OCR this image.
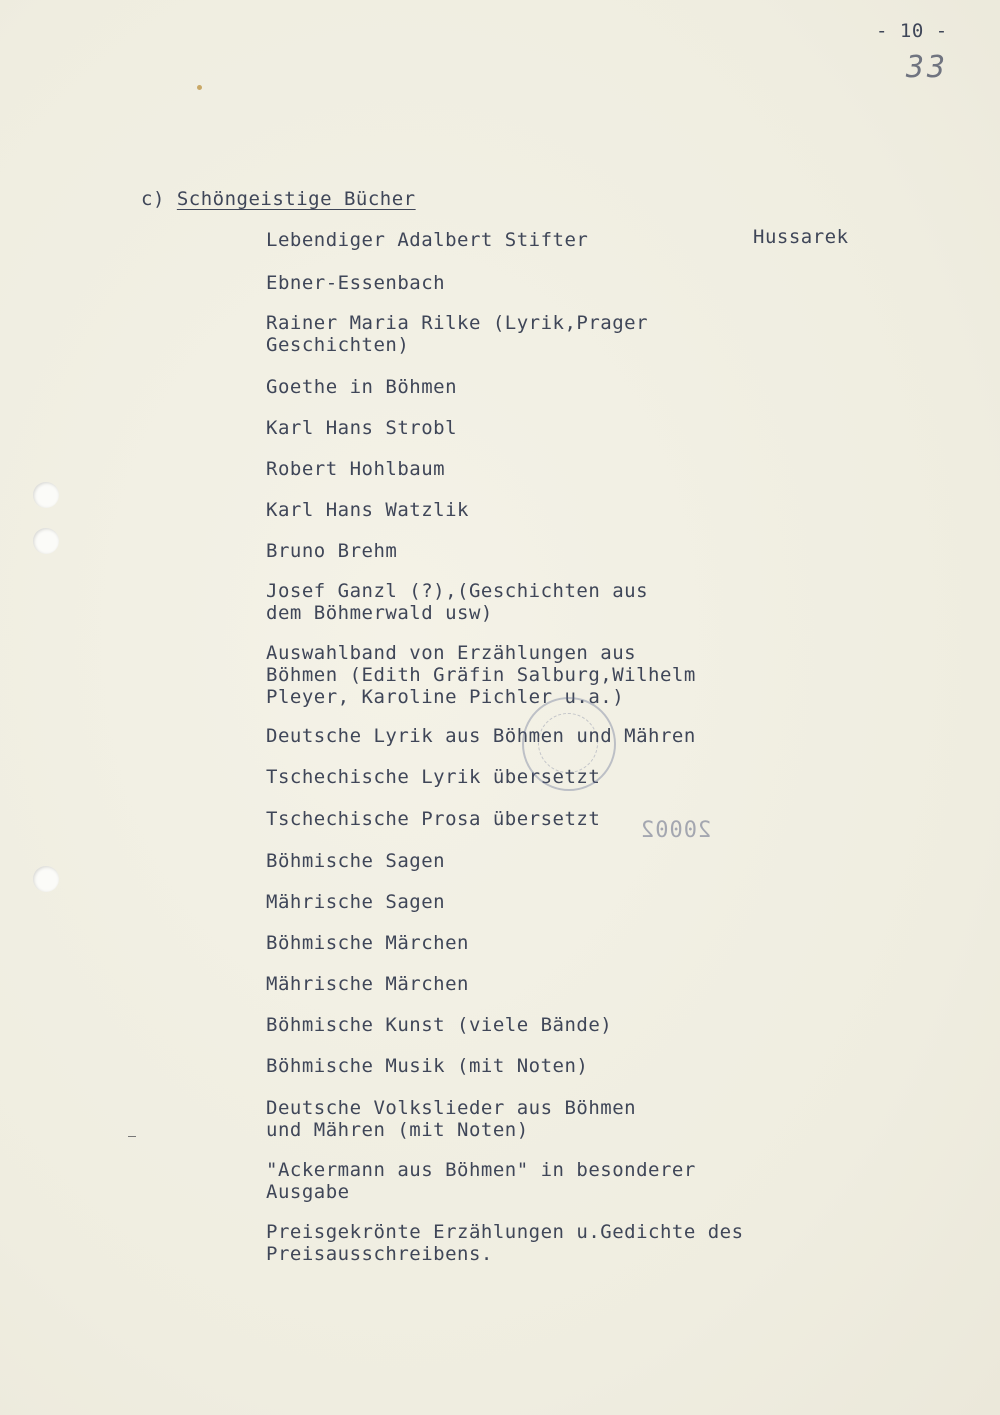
- 10 -
33
c) Schöngeistige Bücher
Hussarek
Lebendiger Adalbert Stifter
Ebner-Essenbach
Rainer Maria Rilke (Lyrik,Prager
Geschichten)
Goethe in Böhmen
Karl Hans Strobl
Robert Hohlbaum
Karl Hans Watzlik
Bruno Brehm
Josef Ganzl (?),(Geschichten aus
dem Böhmerwald usw)
Auswahlband von Erzählungen aus
Böhmen (Edith Gräfin Salburg,Wilhelm
Pleyer, Karoline Pichler u.a.)
Deutsche Lyrik aus Böhmen und Mähren
Tschechische Lyrik übersetzt
Tschechische Prosa übersetzt
Böhmische Sagen
Mährische Sagen
Böhmische Märchen
Mährische Märchen
Böhmische Kunst (viele Bände)
Böhmische Musik (mit Noten)
Deutsche Volkslieder aus Böhmen
und Mähren (mit Noten)
"Ackermann aus Böhmen" in besonderer
Ausgabe
Preisgekrönte Erzählungen u.Gedichte des
Preisausschreibens.
20002
